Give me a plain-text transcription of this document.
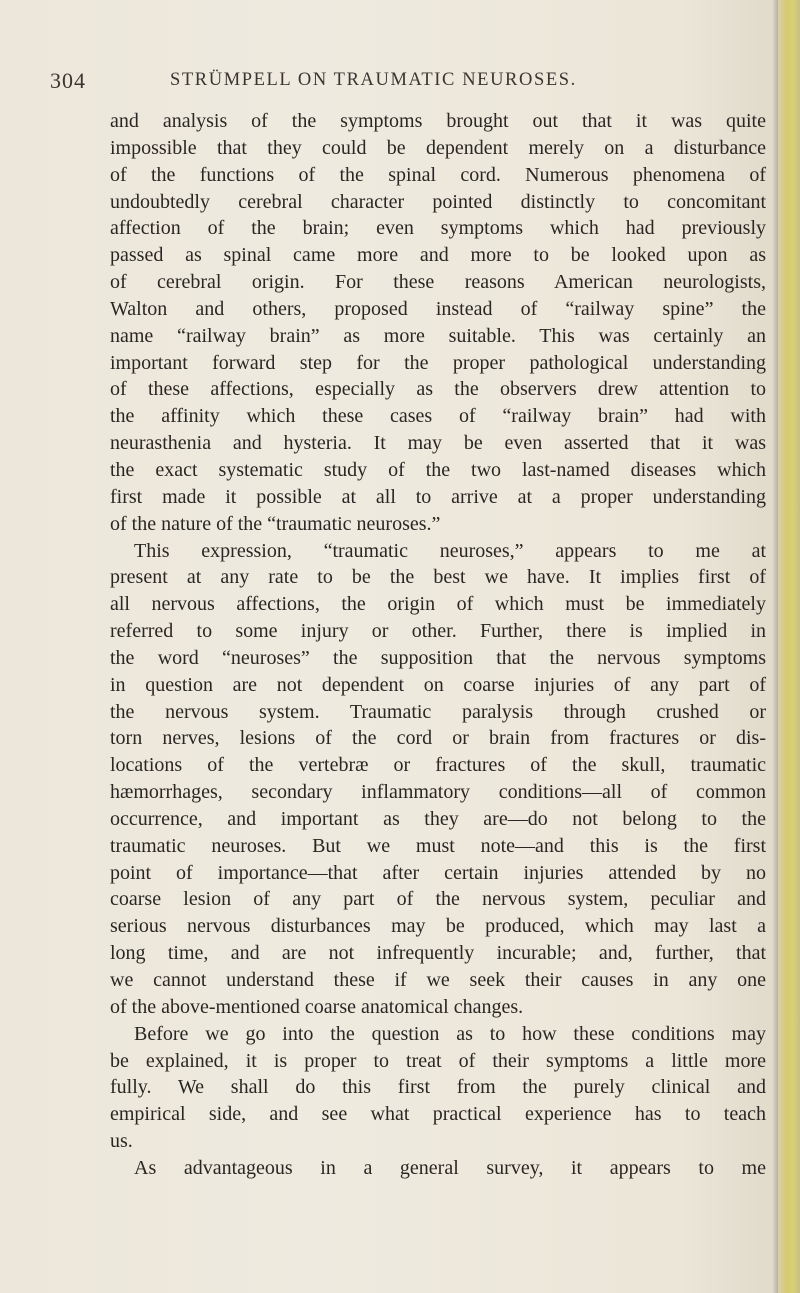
304	STRÜMPELL ON TRAUMATIC NEUROSES.
and analysis of the symptoms brought out that it was quite
impossible that they could be dependent merely on a disturbance
of the functions of the spinal cord. Numerous phenomena of
undoubtedly cerebral character pointed distinctly to concomitant
affection of the brain; even symptoms which had previously
passed as spinal came more and more to be looked upon as
of cerebral origin. For these reasons American neurologists,
Walton and others, proposed instead of “railway spine” the
name “railway brain” as more suitable. This was certainly an
important forward step for the proper pathological understanding
of these affections, especially as the observers drew attention to
the affinity which these cases of “railway brain” had with
neurasthenia and hysteria. It may be even asserted that it was
the exact systematic study of the two last-named diseases which
first made it possible at all to arrive at a proper understanding
of the nature of the “traumatic neuroses.”
This expression, “traumatic neuroses,” appears to me at
present at any rate to be the best we have. It implies first of
all nervous affections, the origin of which must be immediately
referred to some injury or other. Further, there is implied in
the word “neuroses” the supposition that the nervous symptoms
in question are not dependent on coarse injuries of any part of
the nervous system. Traumatic paralysis through crushed or
torn nerves, lesions of the cord or brain from fractures or dis-
locations of the vertebræ or fractures of the skull, traumatic
hæmorrhages, secondary inflammatory conditions—all of common
occurrence, and important as they are—do not belong to the
traumatic neuroses. But we must note—and this is the first
point of importance—that after certain injuries attended by no
coarse lesion of any part of the nervous system, peculiar and
serious nervous disturbances may be produced, which may last a
long time, and are not infrequently incurable; and, further, that
we cannot understand these if we seek their causes in any one
of the above-mentioned coarse anatomical changes.
Before we go into the question as to how these conditions may
be explained, it is proper to treat of their symptoms a little more
fully. We shall do this first from the purely clinical and
empirical side, and see what practical experience has to teach
us.
As advantageous in a general survey, it appears to me
